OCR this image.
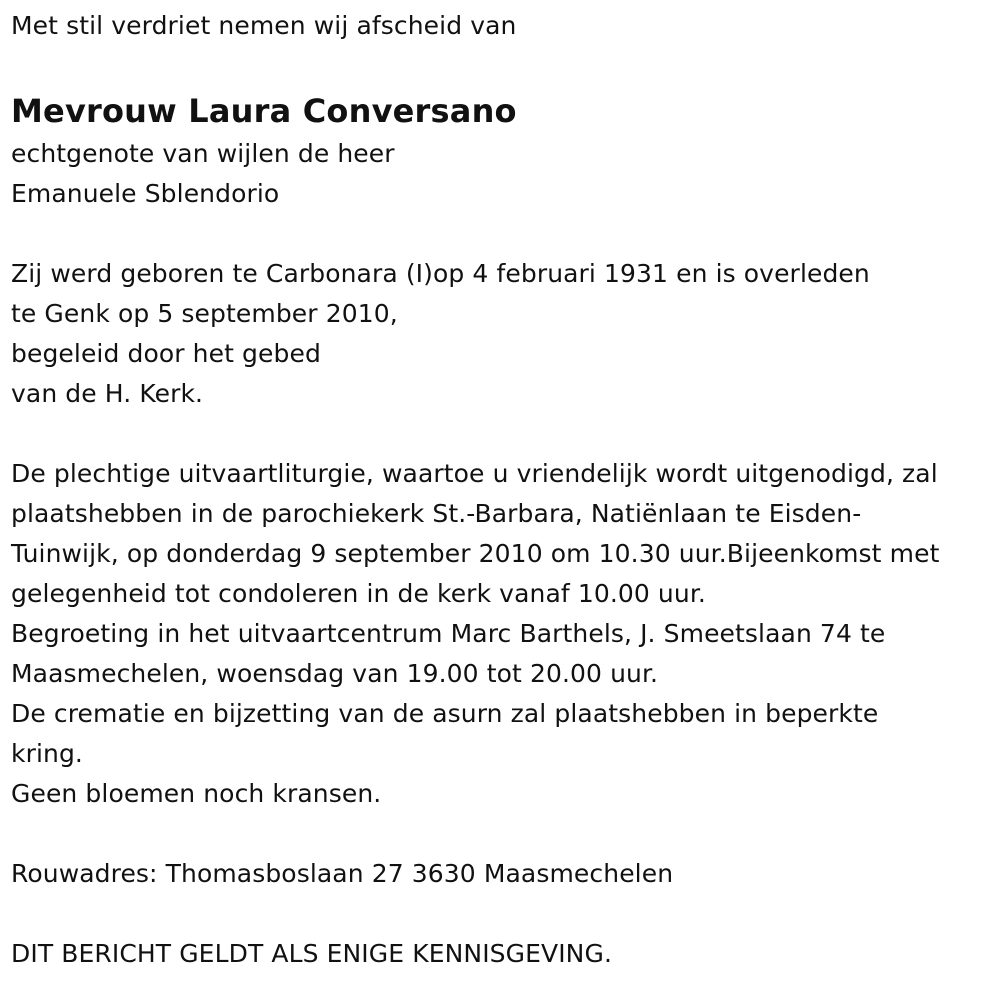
Met stil verdriet nemen wij afscheid van
Mevrouw Laura Conversano
echtgenote van wijlen de heer
Emanuele Sblendorio
Zij werd geboren te Carbonara (I)op 4 februari 1931 en is overleden
te Genk op 5 september 2010,
begeleid door het gebed
van de H. Kerk.
De plechtige uitvaartliturgie, waartoe u vriendelijk wordt uitgenodigd, zal
plaatshebben in de parochiekerk St.-Barbara, Natiënlaan te Eisden-
Tuinwijk, op donderdag 9 september 2010 om 10.30 uur.Bijeenkomst met
gelegenheid tot condoleren in de kerk vanaf 10.00 uur.
Begroeting in het uitvaartcentrum Marc Barthels, J. Smeetslaan 74 te
Maasmechelen, woensdag van 19.00 tot 20.00 uur.
De crematie en bijzetting van de asurn zal plaatshebben in beperkte
kring.
Geen bloemen noch kransen.
Rouwadres: Thomasboslaan 27 3630 Maasmechelen
DIT BERICHT GELDT ALS ENIGE KENNISGEVING.
